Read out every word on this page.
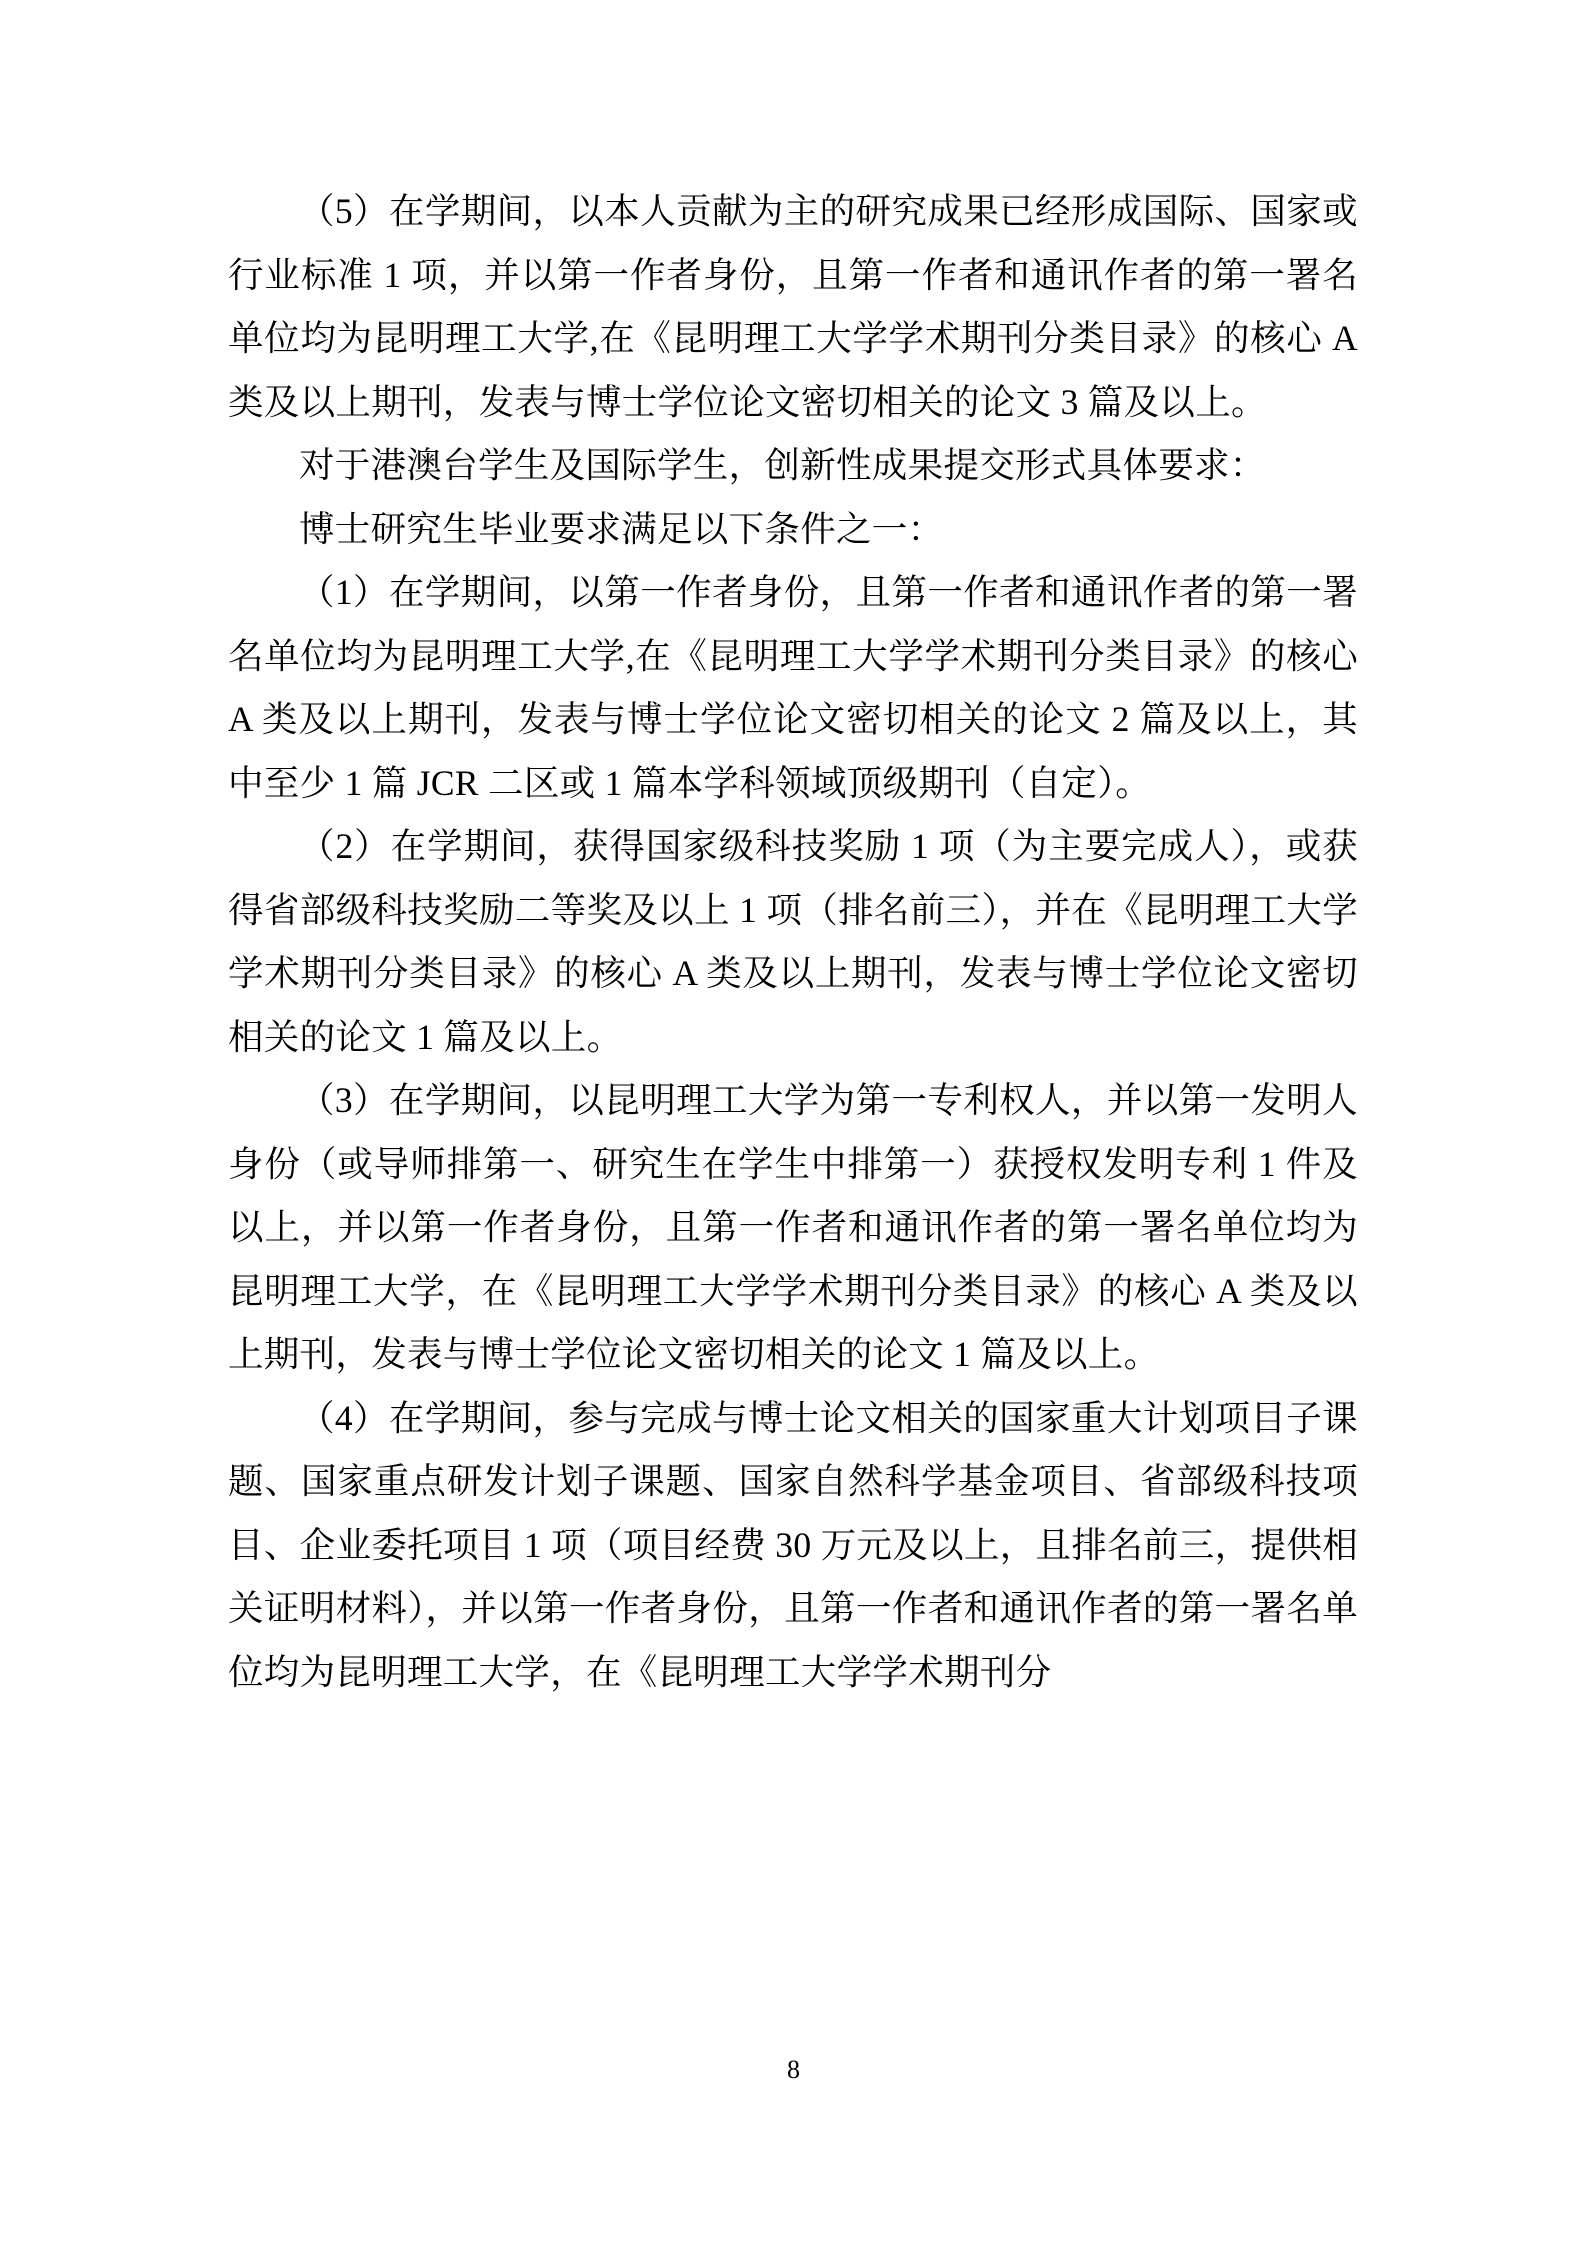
（5）在学期间，以本人贡献为主的研究成果已经形成国际、国家或行业标准 1 项，并以第一作者身份，且第一作者和通讯作者的第一署名单位均为昆明理工大学,在《昆明理工大学学术期刊分类目录》的核心 A 类及以上期刊，发表与博士学位论文密切相关的论文 3 篇及以上。

对于港澳台学生及国际学生，创新性成果提交形式具体要求：

博士研究生毕业要求满足以下条件之一：

（1）在学期间，以第一作者身份，且第一作者和通讯作者的第一署名单位均为昆明理工大学,在《昆明理工大学学术期刊分类目录》的核心 A 类及以上期刊，发表与博士学位论文密切相关的论文 2 篇及以上，其中至少 1 篇 JCR 二区或 1 篇本学科领域顶级期刊（自定）。

（2）在学期间，获得国家级科技奖励 1 项（为主要完成人），或获得省部级科技奖励二等奖及以上 1 项（排名前三），并在《昆明理工大学学术期刊分类目录》的核心 A 类及以上期刊，发表与博士学位论文密切相关的论文 1 篇及以上。

（3）在学期间，以昆明理工大学为第一专利权人，并以第一发明人身份（或导师排第一、研究生在学生中排第一）获授权发明专利 1 件及以上，并以第一作者身份，且第一作者和通讯作者的第一署名单位均为昆明理工大学，在《昆明理工大学学术期刊分类目录》的核心 A 类及以上期刊，发表与博士学位论文密切相关的论文 1 篇及以上。

（4）在学期间，参与完成与博士论文相关的国家重大计划项目子课题、国家重点研发计划子课题、国家自然科学基金项目、省部级科技项目、企业委托项目 1 项（项目经费 30 万元及以上，且排名前三，提供相关证明材料），并以第一作者身份，且第一作者和通讯作者的第一署名单位均为昆明理工大学，在《昆明理工大学学术期刊分

8
